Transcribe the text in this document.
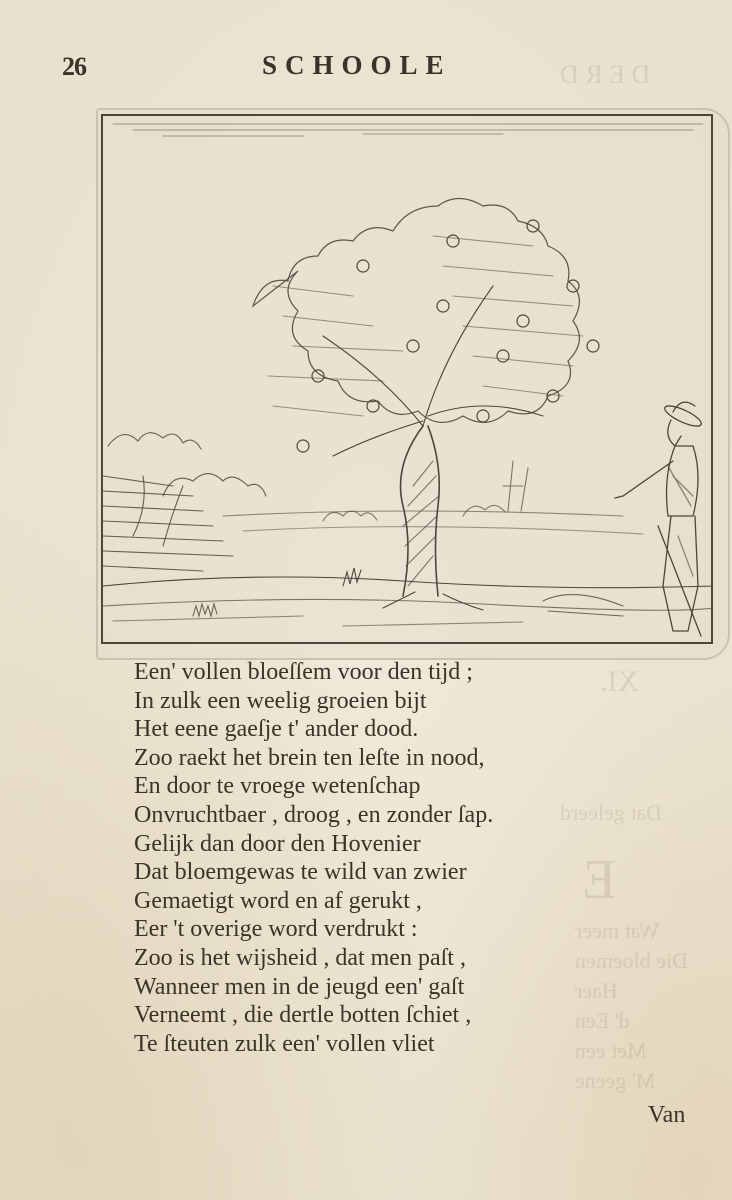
D E R D
XI.
Dat geleerd
E
Wat meer
Die bloemen
Haer
d' Een
Met een
M' geene
26	SCHOOLE
Een' vollen bloeſſem voor den tijd ;
In zulk een weelig groeien bijt
Het eene gaeſje t' ander dood.
Zoo raekt het brein ten leſte in nood,
En door te vroege wetenſchap
Onvruchtbaer , droog , en zonder ſap.
Gelijk dan door den Hovenier
Dat bloemgewas te wild van zwier
Gemaetigt word en af gerukt ,
Eer 't overige word verdrukt :
Zoo is het wijsheid , dat men paſt ,
Wanneer men in de jeugd een' gaſt
Verneemt , die dertle botten ſchiet ,
Te ſteuten zulk een' vollen vliet
Van
